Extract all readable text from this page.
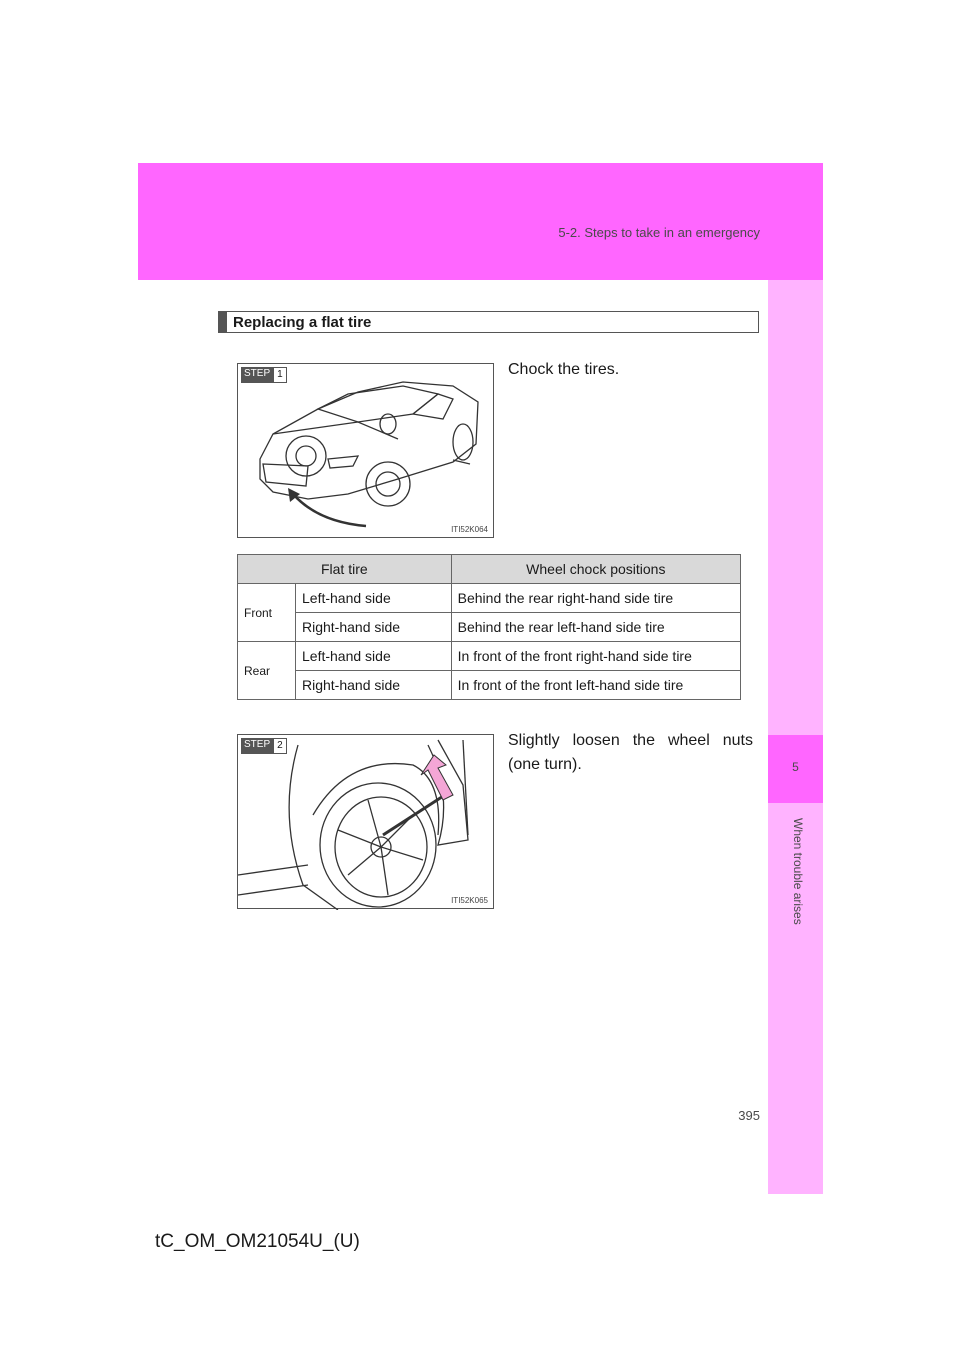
5-2. Steps to take in an emergency
5
When trouble arises
Replacing a flat tire
STEP 1
ITI52K064
Chock the tires.
Flat tire		Wheel chock positions
Front	Left-hand side	Behind the rear right-hand side tire
	Right-hand side	Behind the rear left-hand side tire
Rear	Left-hand side	In front of the front right-hand side tire
	Right-hand side	In front of the front left-hand side tire
STEP 2
ITI52K065
Slightly loosen the wheel nuts (one turn).
395
tC_OM_OM21054U_(U)
